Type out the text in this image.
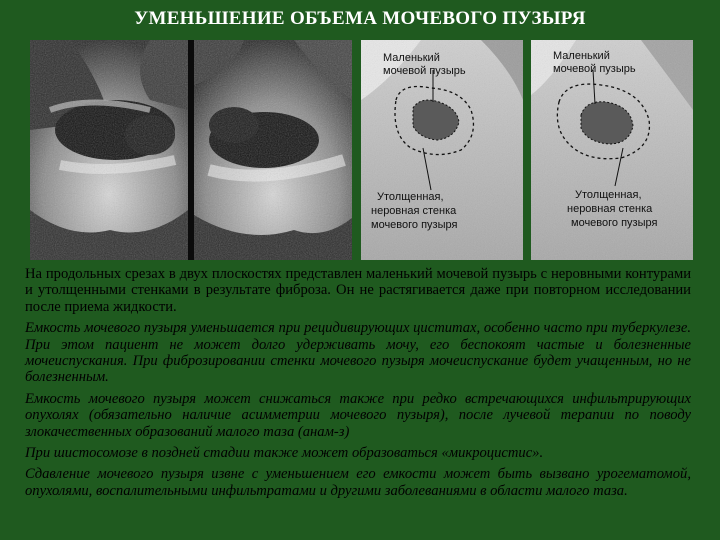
УМЕНЬШЕНИЕ ОБЪЕМА МОЧЕВОГО ПУЗЫРЯ
Маленький
мочевой пузырь
Утолщенная,
неровная стенка
мочевого пузыря
Маленький
мочевой пузырь
Утолщенная,
неровная стенка
мочевого пузыря

На продольных срезах в двух плоскостях представлен маленький мочевой пузырь с неровными контурами и утолщенными стенками в результате фиброза. Он не растягивается даже при повторном исследовании после приема жидкости.

Емкость мочевого пузыря уменьшается при рецидивирующих циститах, особенно часто при туберкулезе. При этом пациент не может долго удерживать мочу, его беспокоят частые и болезненные мочеиспускания. При фиброзировании стенки мочевого пузыря мочеиспускание будет учащенным, но не болезненным.

Емкость мочевого пузыря может снижаться также при редко встречающихся инфильтрирующих опухолях (обязательно наличие асимметрии мочевого пузыря), после лучевой терапии по поводу злокачественных образований малого таза (анам-з)

При шистосомозе в поздней стадии также может образоваться «микроцистис».

Сдавление мочевого пузыря извне с уменьшением его емкости может быть вызвано урогематомой, опухолями, воспалительными инфильтратами и другими заболеваниями в области малого таза.
